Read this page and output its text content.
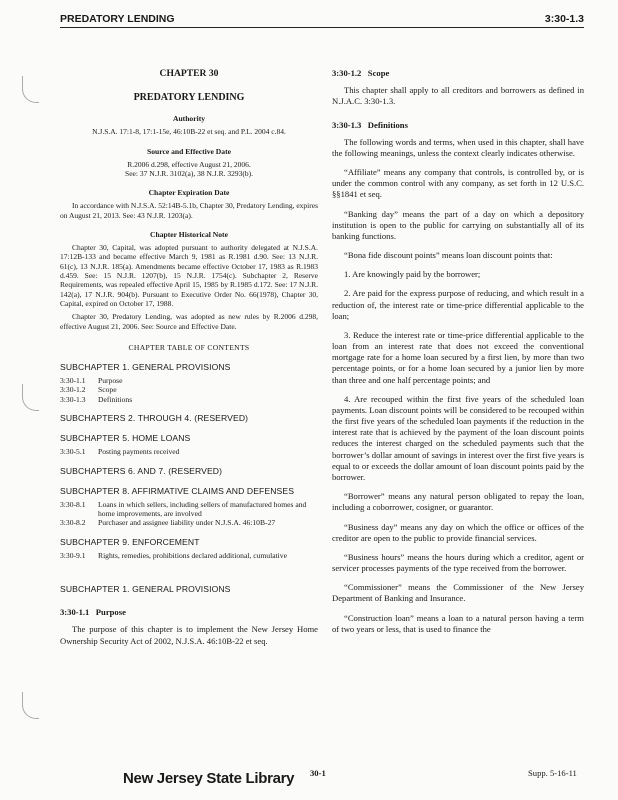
PREDATORY LENDING	3:30-1.3
CHAPTER 30
PREDATORY LENDING
Authority
N.J.S.A. 17:1-8, 17:1-15e, 46:10B-22 et seq. and P.L. 2004 c.84.
Source and Effective Date
R.2006 d.298, effective August 21, 2006.
See: 37 N.J.R. 3102(a), 38 N.J.R. 3293(b).
Chapter Expiration Date
In accordance with N.J.S.A. 52:14B-5.1b, Chapter 30, Predatory Lending, expires on August 21, 2013. See: 43 N.J.R. 1203(a).
Chapter Historical Note
Chapter 30, Capital, was adopted pursuant to authority delegated at N.J.S.A. 17:12B-133 and became effective March 9, 1981 as R.1981 d.90. See: 13 N.J.R. 61(c), 13 N.J.R. 185(a). Amendments became effective October 17, 1983 as R.1983 d.459. See: 15 N.J.R. 1207(b), 15 N.J.R. 1754(c). Subchapter 2, Reserve Requirements, was repealed effective April 15, 1985 by R.1985 d.172. See: 17 N.J.R. 142(a), 17 N.J.R. 904(b). Pursuant to Executive Order No. 66(1978), Chapter 30, Capital, expired on October 17, 1988.
Chapter 30, Predatory Lending, was adopted as new rules by R.2006 d.298, effective August 21, 2006. See: Source and Effective Date.
CHAPTER TABLE OF CONTENTS
SUBCHAPTER 1. GENERAL PROVISIONS
3:30-1.1	Purpose
3:30-1.2	Scope
3:30-1.3	Definitions
SUBCHAPTERS 2. THROUGH 4. (RESERVED)
SUBCHAPTER 5. HOME LOANS
3:30-5.1	Posting payments received
SUBCHAPTERS 6. AND 7. (RESERVED)
SUBCHAPTER 8. AFFIRMATIVE CLAIMS AND DEFENSES
3:30-8.1	Loans in which sellers, including sellers of manufactured homes and home improvements, are involved
3:30-8.2	Purchaser and assignee liability under N.J.S.A. 46:10B-27
SUBCHAPTER 9. ENFORCEMENT
3:30-9.1	Rights, remedies, prohibitions declared additional, cumulative
SUBCHAPTER 1. GENERAL PROVISIONS
3:30-1.1   Purpose

The purpose of this chapter is to implement the New Jersey Home Ownership Security Act of 2002, N.J.S.A. 46:10B-22 et seq.

3:30-1.2   Scope

This chapter shall apply to all creditors and borrowers as defined in N.J.A.C. 3:30-1.3.

3:30-1.3   Definitions

The following words and terms, when used in this chapter, shall have the following meanings, unless the context clearly indicates otherwise.

“Affiliate” means any company that controls, is controlled by, or is under the common control with any company, as set forth in 12 U.S.C. §§1841 et seq.

“Banking day” means the part of a day on which a depository institution is open to the public for carrying on substantially all of its banking functions.

“Bona fide discount points” means loan discount points that:

1. Are knowingly paid by the borrower;
2. Are paid for the express purpose of reducing, and which result in a reduction of, the interest rate or time-price differential applicable to the loan;
3. Reduce the interest rate or time-price differential applicable to the loan from an interest rate that does not exceed the conventional mortgage rate for a home loan secured by a first lien, by more than two percentage points, or for a home loan secured by a junior lien by more than three and one half percentage points; and
4. Are recouped within the first five years of the scheduled loan payments. Loan discount points will be considered to be recouped within the first five years of the scheduled loan payments if the reduction in the interest rate that is achieved by the payment of the loan discount points reduces the interest charged on the scheduled payments such that the borrower’s dollar amount of savings in interest over the first five years is equal to or exceeds the dollar amount of loan discount points paid by the borrower.

“Borrower” means any natural person obligated to repay the loan, including a coborrower, cosigner, or guarantor.

“Business day” means any day on which the office or offices of the creditor are open to the public to provide financial services.

“Business hours” means the hours during which a creditor, agent or servicer processes payments of the type received from the borrower.

“Commissioner” means the Commissioner of the New Jersey Department of Banking and Insurance.

“Construction loan” means a loan to a natural person having a term of two years or less, that is used to finance the

New Jersey State Library 30-1	Supp. 5-16-11
